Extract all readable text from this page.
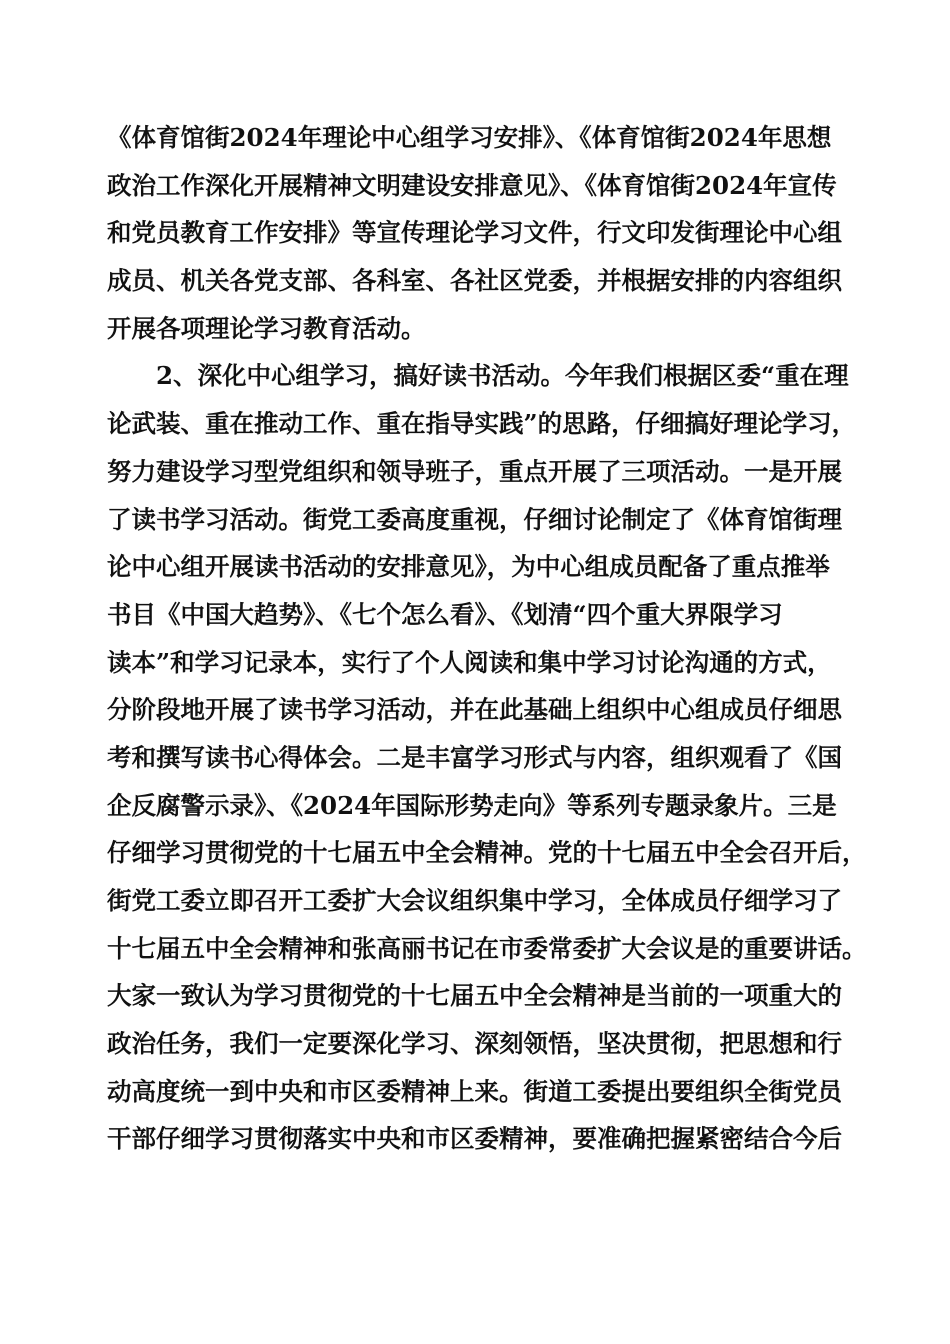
《体育馆街2024年理论中心组学习安排》、《体育馆街2024年思想
政治工作深化开展精神文明建设安排意见》、《体育馆街2024年宣传
和党员教育工作安排》等宣传理论学习文件，行文印发街理论中心组
成员、机关各党支部、各科室、各社区党委，并根据安排的内容组织
开展各项理论学习教育活动。
　　2、深化中心组学习，搞好读书活动。今年我们根据区委“重在理
论武装、重在推动工作、重在指导实践”的思路，仔细搞好理论学习，
努力建设学习型党组织和领导班子，重点开展了三项活动。一是开展
了读书学习活动。街党工委高度重视，仔细讨论制定了《体育馆街理
论中心组开展读书活动的安排意见》，为中心组成员配备了重点推举
书目《中国大趋势》、《七个怎么看》、《划清“四个重大界限学习
读本”和学习记录本，实行了个人阅读和集中学习讨论沟通的方式，
分阶段地开展了读书学习活动，并在此基础上组织中心组成员仔细思
考和撰写读书心得体会。二是丰富学习形式与内容，组织观看了《国
企反腐警示录》、《2024年国际形势走向》等系列专题录象片。三是
仔细学习贯彻党的十七届五中全会精神。党的十七届五中全会召开后，
街党工委立即召开工委扩大会议组织集中学习，全体成员仔细学习了
十七届五中全会精神和张高丽书记在市委常委扩大会议是的重要讲话。
大家一致认为学习贯彻党的十七届五中全会精神是当前的一项重大的
政治任务，我们一定要深化学习、深刻领悟，坚决贯彻，把思想和行
动高度统一到中央和市区委精神上来。街道工委提出要组织全街党员
干部仔细学习贯彻落实中央和市区委精神，要准确把握紧密结合今后
